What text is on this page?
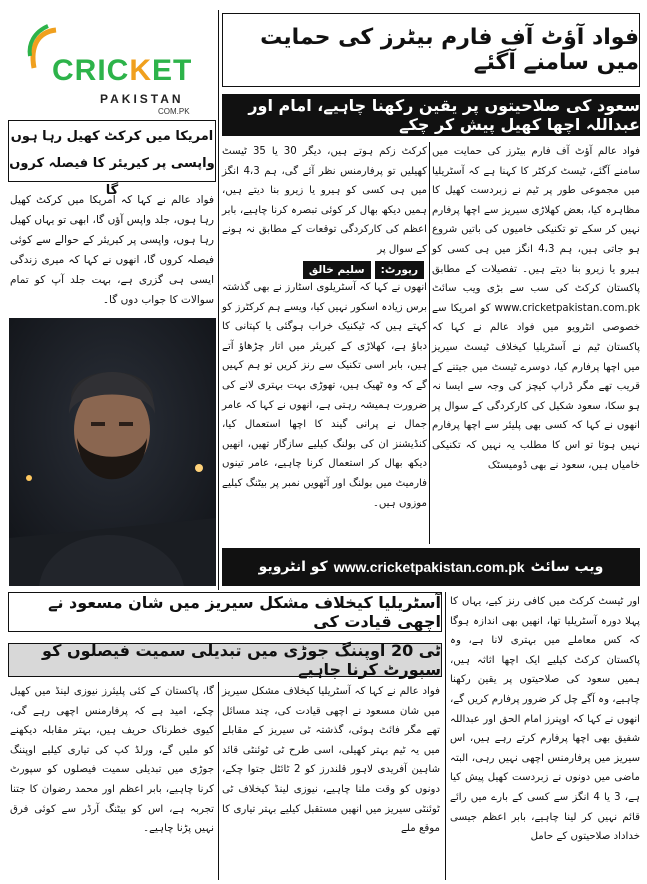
CRICKET
PAKISTAN
COM.PK
فواد آؤٹ آف فارم بیٹرز کی حمایت میں سامنے آگئے
سعود کی صلاحیتوں پر یقین رکھنا چاہیے، امام اور عبداللہ اچھا کھیل پیش کر چکے
امریکا میں کرکٹ کھیل رہا ہوں واپسی پر کیریئر کا فیصلہ کروں گا
فواد عالم نے کہا کہ امریکا میں کرکٹ کھیل رہا ہوں، جلد واپس آؤں گا، ابھی تو یہاں کھیل رہا ہوں، واپسی پر کیریئر کے حوالے سے کوئی فیصلہ کروں گا، انھوں نے کہا کہ میری زندگی ایسی ہی گزری ہے، بہت جلد آپ کو تمام سوالات کا جواب دوں گا۔
کرکٹ زکم ہوتے ہیں، دیگر 30 یا 35 ٹیسٹ کھیلیں تو پرفارمنس نظر آئے گی، ہم 4،3 انگز میں ہی کسی کو ہیرو یا زیرو بنا دیتے ہیں، ہمیں دیکھ بھال کر کوئی تبصرہ کرنا چاہیے، بابر اعظم کی کارکردگی توقعات کے مطابق نہ ہونے کے سوال پر
رپورٹ:
سلیم خالق
انھوں نے کہا کہ آسٹریلوی اسٹارز نے بھی گذشتہ برس زیادہ اسکور نہیں کیا، ویسے ہم کرکٹرز کو کہتے ہیں کہ ٹیکنیک خراب ہوگئی یا کپتانی کا دباؤ ہے، کھلاڑی کے کیریئر میں اتار چڑھاؤ آتے ہیں، بابر اسی تکنیک سے رنز کریں تو ہم کہیں گے کہ وہ ٹھیک ہیں، تھوڑی بہت بہتری لانے کی ضرورت ہمیشہ رہتی ہے، انھوں نے کہا کہ عامر جمال نے پرانی گیند کا اچھا استعمال کیا، کنڈیشنز ان کی بولنگ کیلیے سازگار تھیں، انھیں دیکھ بھال کر استعمال کرنا چاہیے، عامر تینوں فارمیٹ میں بولنگ اور آٹھویں نمبر پر بیٹنگ کیلیے موزوں ہیں۔
فواد عالم آؤٹ آف فارم بیٹرز کی حمایت میں سامنے آگئے، ٹیسٹ کرکٹر کا کہنا ہے کہ آسٹریلیا میں مجموعی طور پر ٹیم نے زبردست کھیل کا مظاہرہ کیا، بعض کھلاڑی سیریز سے اچھا پرفارم نہیں کر سکے تو تکنیکی خامیوں کی باتیں شروع ہو جاتی ہیں، ہم 4،3 انگز میں ہی کسی کو ہیرو یا زیرو بنا دیتے ہیں۔ تفصیلات کے مطابق پاکستان کرکٹ کی سب سے بڑی ویب سائٹ www.cricketpakistan.com.pk کو امریکا سے خصوصی انٹرویو میں فواد عالم نے کہا کہ پاکستان ٹیم نے آسٹریلیا کیخلاف ٹیسٹ سیریز میں اچھا پرفارم کیا، دوسرے ٹیسٹ میں جیتنے کے قریب تھے مگر ڈراپ کیچز کی وجہ سے ایسا نہ ہو سکا، سعود شکیل کی کارکردگی کے سوال پر انھوں نے کہا کہ کسی بھی پلیئر سے اچھا پرفارم نہیں ہوتا تو اس کا مطلب یہ نہیں کہ تکنیکی خامیاں ہیں، سعود نے بھی ڈومیسٹک
ویب سائٹ
www.cricketpakistan.com.pk
کو انٹرویو
آسٹریلیا کیخلاف مشکل سیریز میں شان مسعود نے اچھی قیادت کی
ٹی 20 اوپننگ جوڑی میں تبدیلی سمیت فیصلوں کو سپورٹ کرنا چاہیے
اور ٹیسٹ کرکٹ میں کافی رنز کیے، یہاں کا پہلا دورہ آسٹریلیا تھا، انھیں بھی اندازہ ہوگا کہ کس معاملے میں بہتری لانا ہے، وہ پاکستان کرکٹ کیلیے ایک اچھا اثاثہ ہیں، ہمیں سعود کی صلاحیتوں پر یقین رکھنا چاہیے، وہ آگے چل کر ضرور پرفارم کریں گے، انھوں نے کہا کہ اوپنرز امام الحق اور عبداللہ شفیق بھی اچھا پرفارم کرتے رہے ہیں، اس سیریز میں پرفارمنس اچھی نہیں رہی، البتہ ماضی میں دونوں نے زبردست کھیل پیش کیا ہے، 3 یا 4 انگز سے کسی کے بارے میں رائے قائم نہیں کر لینا چاہیے، بابر اعظم جیسی خداداد صلاحیتوں کے حامل
فواد عالم نے کہا کہ آسٹریلیا کیخلاف مشکل سیریز میں شان مسعود نے اچھی قیادت کی، چند مسائل تھے مگر فائٹ ہوئی، گذشتہ ٹی سیریز کے مقابلے میں یہ ٹیم بہتر کھیلی، اسی طرح ٹی ٹوئنٹی قائد شاہین آفریدی لاہور قلندرز کو 2 ٹائٹل جتوا چکے، دونوں کو وقت ملنا چاہیے، نیوزی لینڈ کیخلاف ٹی ٹوئنٹی سیریز میں انھیں مستقبل کیلیے بہتر تیاری کا موقع ملے
گا، پاکستان کے کئی پلیئرز نیوزی لینڈ میں کھیل چکے، امید ہے کہ پرفارمنس اچھی رہے گی، کیوی خطرناک حریف ہیں، بہتر مقابلہ دیکھنے کو ملیں گے، ورلڈ کپ کی تیاری کیلیے اوپننگ جوڑی میں تبدیلی سمیت فیصلوں کو سپورٹ کرنا چاہیے، بابر اعظم اور محمد رضوان کا جتنا تجربہ ہے، اس کو بیٹنگ آرڈر سے کوئی فرق نہیں پڑنا چاہیے۔
